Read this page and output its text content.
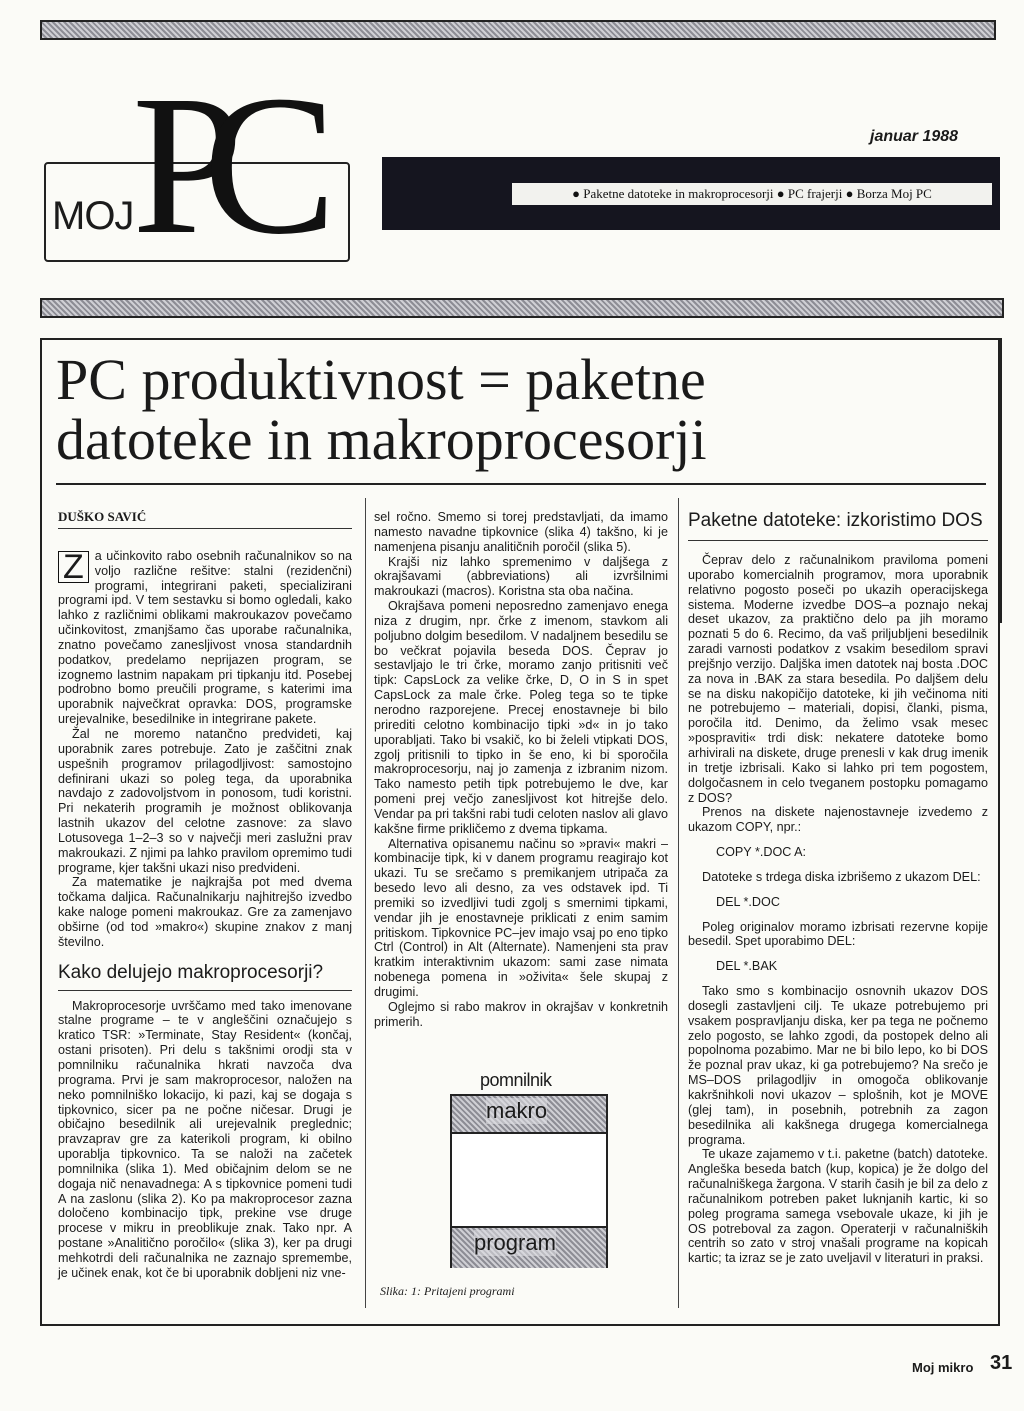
MOJ
PC	januar 1988
● Paketne datoteke in makroprocesorji ● PC frajerji ● Borza Moj PC
PC produktivnost = paketne
datoteke in makroprocesorji
DUŠKO SAVIĆ

Z a učinkovito rabo osebnih računalnikov so na voljo različne rešitve: stalni (rezidenčni) programi, integrirani paketi, specializirani programi ipd. V tem sestavku si bomo ogledali, kako lahko z različnimi oblikami makroukazov povečamo učinkovitost, zmanjšamo čas uporabe računalnika, znatno povečamo zanesljivost vnosa standardnih podatkov, predelamo neprijazen program, se izognemo lastnim napakam pri tipkanju itd. Posebej podrobno bomo preučili programe, s katerimi ima uporabnik največkrat opravka: DOS, programske urejevalnike, besedilnike in integrirane pakete.

Žal ne moremo natančno predvideti, kaj uporabnik zares potrebuje. Zato je zaščitni znak uspešnih programov prilagodljivost: samostojno definirani ukazi so poleg tega, da uporabnika navdajo z zadovoljstvom in ponosom, tudi koristni. Pri nekaterih programih je možnost oblikovanja lastnih ukazov del celotne zasnove: za slavo Lotusovega 1–2–3 so v največji meri zaslužni prav makroukazi. Z njimi pa lahko pravilom opremimo tudi programe, kjer takšni ukazi niso predvideni.

Za matematike je najkrajša pot med dvema točkama daljica. Računalnikarju najhitrejšo izvedbo kake naloge pomeni makroukaz. Gre za zamenjavo obširne (od tod »makro«) skupine znakov z manj številno.

Kako delujejo makroprocesorji?

Makroprocesorje uvrščamo med tako imenovane stalne programe – te v angleščini označujejo s kratico TSR: »Terminate, Stay Resident« (končaj, ostani prisoten). Pri delu s takšnimi orodji sta v pomnilniku računalnika hkrati navzoča dva programa. Prvi je sam makroprocesor, naložen na neko pomnilniško lokacijo, ki pazi, kaj se dogaja s tipkovnico, sicer pa ne počne ničesar. Drugi je običajno besedilnik ali urejevalnik preglednic; pravzaprav gre za katerikoli program, ki obilno uporablja tipkovnico. Ta se naloži na začetek pomnilnika (slika 1). Med običajnim delom se ne dogaja nič nenavadnega: A s tipkovnice pomeni tudi A na zaslonu (slika 2). Ko pa makroprocesor zazna določeno kombinacijo tipk, prekine vse druge procese v mikru in preoblikuje znak. Tako npr. A postane »Analitično poročilo« (slika 3), ker pa drugi mehkotrdi deli računalnika ne zaznajo spremembe, je učinek enak, kot če bi uporabnik dobljeni niz vne-

sel ročno. Smemo si torej predstavljati, da imamo namesto navadne tipkovnice (slika 4) takšno, ki je namenjena pisanju analitičnih poročil (slika 5).

Krajši niz lahko spremenimo v daljšega z okrajšavami (abbreviations) ali izvršilnimi makroukazi (macros). Koristna sta oba načina.

Okrajšava pomeni neposredno zamenjavo enega niza z drugim, npr. črke z imenom, stavkom ali poljubno dolgim besedilom. V nadaljnem besedilu se bo večkrat pojavila beseda DOS. Čeprav jo sestavljajo le tri črke, moramo zanjo pritisniti več tipk: CapsLock za velike črke, D, O in S in spet CapsLock za male črke. Poleg tega so te tipke nerodno razporejene. Precej enostavneje bi bilo prirediti celotno kombinacijo tipki »d« in jo tako uporabljati. Tako bi vsakič, ko bi želeli vtipkati DOS, zgolj pritisnili to tipko in še eno, ki bi sporočila makroprocesorju, naj jo zamenja z izbranim nizom. Tako namesto petih tipk potrebujemo le dve, kar pomeni prej večjo zanesljivost kot hitrejše delo. Vendar pa pri takšni rabi tudi celoten naslov ali glavo kakšne firme prikličemo z dvema tipkama.

Alternativa opisanemu načinu so »pravi« makri – kombinacije tipk, ki v danem programu reagirajo kot ukazi. Tu se srečamo s premikanjem utripača za besedo levo ali desno, za ves odstavek ipd. Ti premiki so izvedljivi tudi zgolj s smernimi tipkami, vendar jih je enostavneje priklicati z enim samim pritiskom. Tipkovnice PC–jev imajo vsaj po eno tipko Ctrl (Control) in Alt (Alternate). Namenjeni sta prav kratkim interaktivnim ukazom: sami zase nimata nobenega pomena in »oživita« šele skupaj z drugimi.

Oglejmo si rabo makrov in okrajšav v konkretnih primerih.

pomnilnik
makro
program
Slika: 1: Pritajeni programi
Paketne datoteke: izkoristimo DOS

Čeprav delo z računalnikom praviloma pomeni uporabo komercialnih programov, mora uporabnik relativno pogosto poseči po ukazih operacijskega sistema. Moderne izvedbe DOS–a poznajo nekaj deset ukazov, za praktično delo pa jih moramo poznati 5 do 6. Recimo, da vaš priljubljeni besedilnik zaradi varnosti podatkov z vsakim besedilom spravi prejšnjo verzijo. Daljška imen datotek naj bosta .DOC za nova in .BAK za stara besedila. Po daljšem delu se na disku nakopičijo datoteke, ki jih večinoma niti ne potrebujemo – materiali, dopisi, članki, pisma, poročila itd. Denimo, da želimo vsak mesec »pospraviti« trdi disk: nekatere datoteke bomo arhivirali na diskete, druge prenesli v kak drug imenik in tretje izbrisali. Kako si lahko pri tem pogostem, dolgočasnem in celo tveganem postopku pomagamo z DOS?

Prenos na diskete najenostavneje izvedemo z ukazom COPY, npr.:

COPY *.DOC A:

Datoteke s trdega diska izbrišemo z ukazom DEL:

DEL *.DOC

Poleg originalov moramo izbrisati rezervne kopije besedil. Spet uporabimo DEL:

DEL *.BAK

Tako smo s kombinacijo osnovnih ukazov DOS dosegli zastavljeni cilj. Te ukaze potrebujemo pri vsakem pospravljanju diska, ker pa tega ne počnemo zelo pogosto, se lahko zgodi, da postopek delno ali popolnoma pozabimo. Mar ne bi bilo lepo, ko bi DOS že poznal prav ukaz, ki ga potrebujemo? Na srečo je MS–DOS prilagodljiv in omogoča oblikovanje kakršnihkoli novi ukazov – splošnih, kot je MOVE (glej tam), in posebnih, potrebnih za zagon besedilnika ali kakšnega drugega komercialnega programa.

Te ukaze zajamemo v t.i. paketne (batch) datoteke. Angleška beseda batch (kup, kopica) je že dolgo del računalniškega žargona. V starih časih je bil za delo z računalnikom potreben paket luknjanih kartic, ki so poleg programa samega vsebovale ukaze, ki jih je OS potreboval za zagon. Operaterji v računalniških centrih so zato v stroj vnašali programe na kopicah kartic; ta izraz se je zato uveljavil v literaturi in praksi.

Moj mikro 31
